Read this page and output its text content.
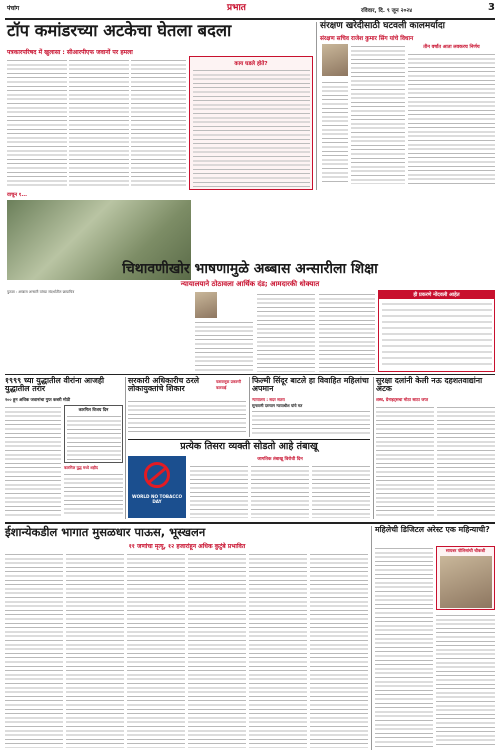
पंचांग	प्रभात	रविवार, दि. ९ जून २०२४	3
टॉप कमांडरच्या अटकेचा घेतला बदला
पत्रकारपरिषद में खुलासा : सीआरपीएफ जवानों पर हमला
काय घडले होते?
संरक्षण खरेदीसाठी घटवली कालमर्यादा
संरक्षण सचिव राजेश कुमार सिंग यांचे विधान
तीन वर्षांत आता लवकरच निर्णय
वाचून १...
चिथावणीखोर भाषणामुळे अब्बास अन्सारीला शिक्षा
न्यायालयाने ठोठावला आर्थिक दंड; आमदारकी धोक्यात
पुतळा : अब्बास अन्सारी यांच्या संदर्भातील छायाचित्र	ही प्रकरणे नोंदवली आहेत
१९९९ च्या युद्धातील वीरांना आजही युद्धातील तरार
२०० हून अधिक जवानांचा गुप्त कबरी मोठी
कारगिल विजय दिन
कारगिल युद्ध मध्ये शहीद
सरकारी अधिकारीच ठरले लोकायुक्तांचे शिकार
फसवणूक प्रकरणी कारवाई
फिल्मी सिंदूर बाटले हा विवाहित महिलांचा अपमान
न्यायालय : सदर सतरा
सुनावणी दरम्यान न्यायाधीश यांचे मत
सुरक्षा दलांनी केली नऊ दहशतवाद्यांना अटक
शस्त्र, ग्रेनाइट्सचा मोठा साठा जप्त
प्रत्येक तिसरा व्यक्ती सोडतो आहे तंबाखू
WORLD NO TOBACCO DAY
जागतिक तंबाखू विरोधी दिन
ईशान्येकडील भागात मुसळधार पाऊस, भूस्खलन
११ जणांचा मृत्यू, १२ हजारांहून अधिक कुटुंबे प्रभावित
महिलेची डिजिटल अरेस्ट एक महिन्याची?
सायबर पोलिसांची चौकशी
